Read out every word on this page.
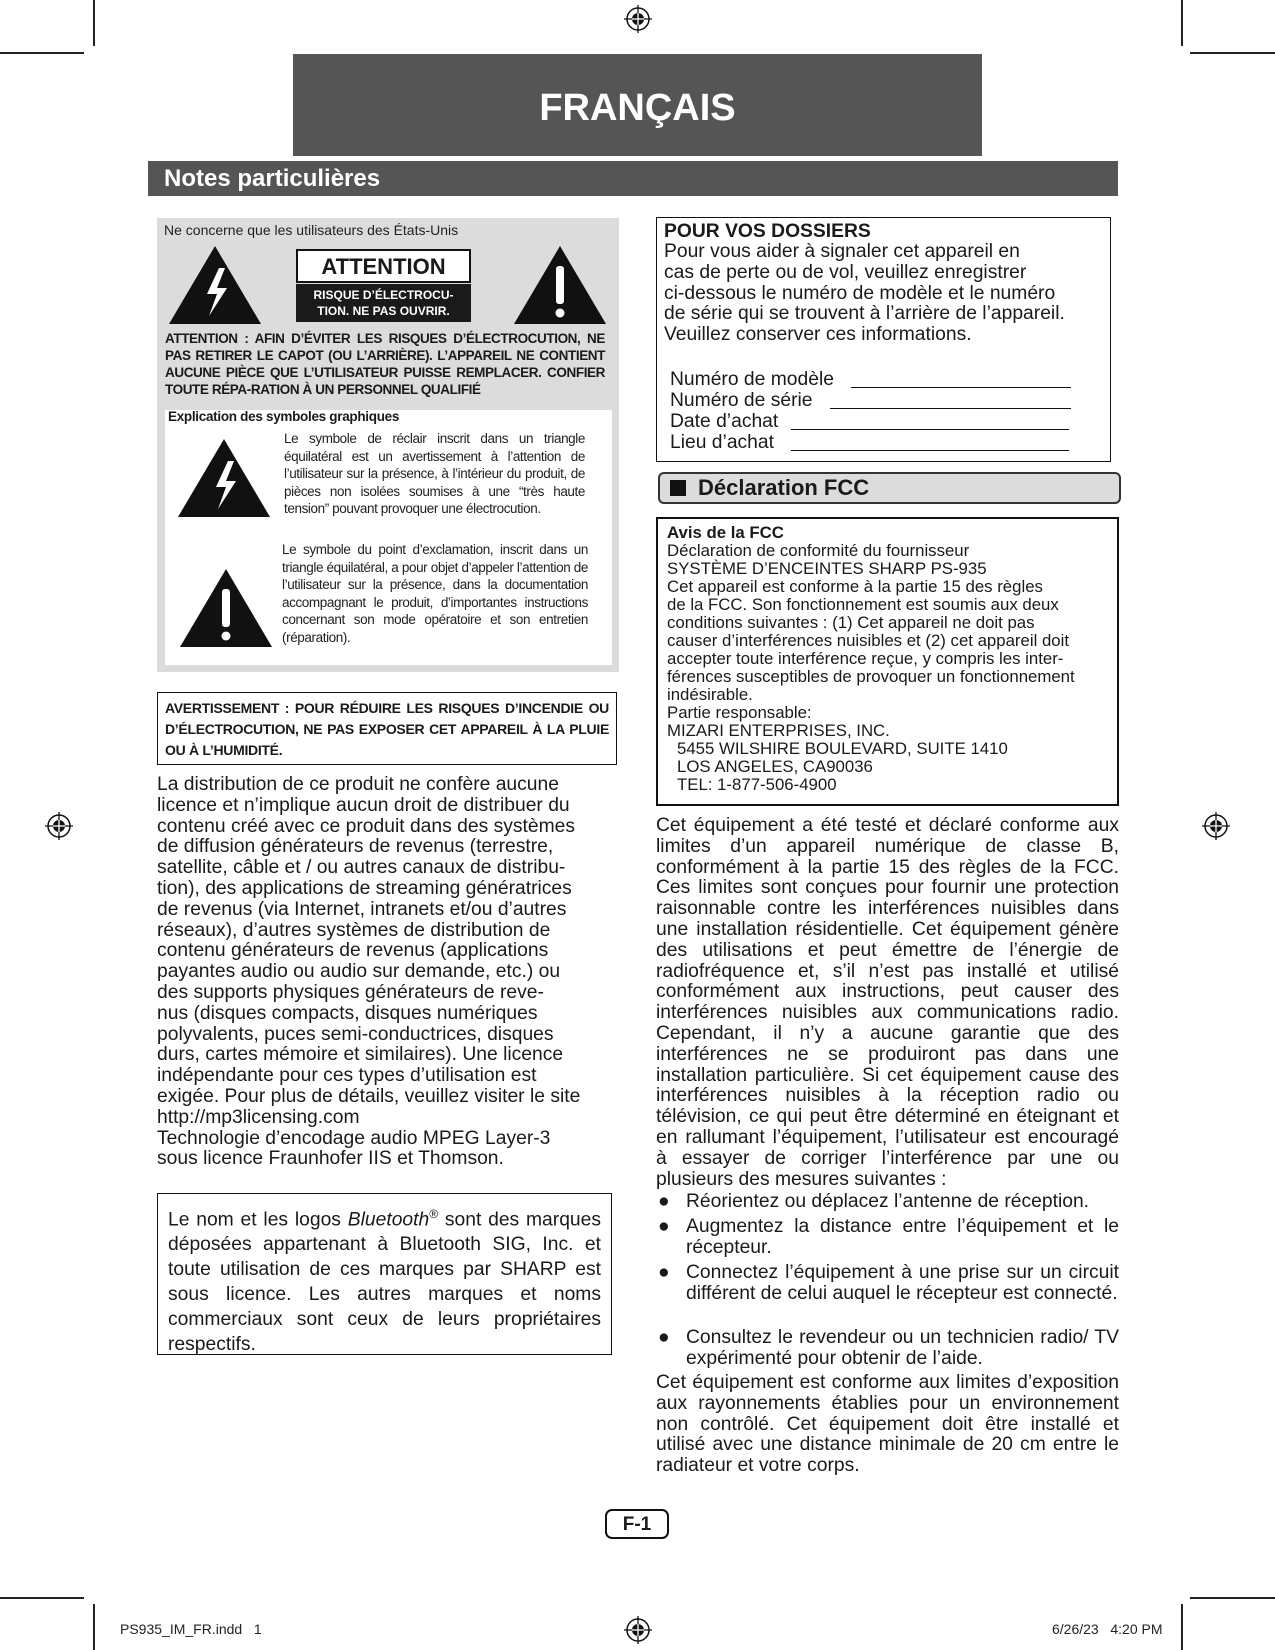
FRANÇAIS
Notes particulières
Ne concerne que les utilisateurs des États-Unis
ATTENTION
RISQUE D’ÉLECTROCU-
TION. NE PAS OUVRIR.
ATTENTION : AFIN D’ÉVITER LES RISQUES D’ÉLECTROCUTION, NE PAS RETIRER LE CAPOT (OU L’ARRIÈRE). L’APPAREIL NE CONTIENT AUCUNE PIÈCE QUE L’UTILISATEUR PUISSE REMPLACER. CONFIER TOUTE RÉPA-RATION À UN PERSONNEL QUALIFIÉ
Explication des symboles graphiques
Le symbole de réclair inscrit dans un triangle équilatéral est un avertissement à l’attention de l’utilisateur sur la présence, à l’intérieur du produit, de pièces non isolées soumises à une “très haute tension” pouvant provoquer une électrocution.
Le symbole du point d’exclamation, inscrit dans un triangle équilatéral, a pour objet d’appeler l’attention de l’utilisateur sur la présence, dans la documentation accompagnant le produit, d’importantes instructions concernant son mode opératoire et son entretien (réparation).
AVERTISSEMENT : POUR RÉDUIRE LES RISQUES D’INCENDIE OU D’ÉLECTROCUTION, NE PAS EXPOSER CET APPAREIL À LA PLUIE OU À L’HUMIDITÉ.
La distribution de ce produit ne confère aucune
licence et n’implique aucun droit de distribuer du
contenu créé avec ce produit dans des systèmes
de diffusion générateurs de revenus (terrestre,
satellite, câble et / ou autres canaux de distribu-
tion), des applications de streaming génératrices
de revenus (via Internet, intranets et/ou d’autres
réseaux), d’autres systèmes de distribution de
contenu générateurs de revenus (applications
payantes audio ou audio sur demande, etc.) ou
des supports physiques générateurs de reve-
nus (disques compacts, disques numériques
polyvalents, puces semi-conductrices, disques
durs, cartes mémoire et similaires). Une licence
indépendante pour ces types d’utilisation est
exigée. Pour plus de détails, veuillez visiter le site
http://mp3licensing.com
Technologie d’encodage audio MPEG Layer-3
sous licence Fraunhofer IIS et Thomson.
Le nom et les logos Bluetooth® sont des marques déposées appartenant à Bluetooth SIG, Inc. et toute utilisation de ces marques par SHARP est sous licence. Les autres marques et noms commerciaux sont ceux de leurs propriétaires respectifs.
POUR VOS DOSSIERS
Pour vous aider à signaler cet appareil en
cas de perte ou de vol, veuillez enregistrer
ci-dessous le numéro de modèle et le numéro
de série qui se trouvent à l’arrière de l’appareil.
Veuillez conserver ces informations.
Numéro de modèle
Numéro de série
Date d’achat
Lieu d’achat
Déclaration FCC
Avis de la FCC
Déclaration de conformité du fournisseur
SYSTÈME D’ENCEINTES SHARP PS-935
Cet appareil est conforme à la partie 15 des règles
de la FCC. Son fonctionnement est soumis aux deux
conditions suivantes : (1) Cet appareil ne doit pas
causer d’interférences nuisibles et (2) cet appareil doit
accepter toute interférence reçue, y compris les inter-
férences susceptibles de provoquer un fonctionnement
indésirable.
Partie responsable:
MIZARI ENTERPRISES, INC.
5455 WILSHIRE BOULEVARD, SUITE 1410
LOS ANGELES, CA90036
TEL: 1-877-506-4900
Cet équipement a été testé et déclaré conforme aux limites d’un appareil numérique de classe B, conformément à la partie 15 des règles de la FCC. Ces limites sont conçues pour fournir une protection raisonnable contre les interférences nuisibles dans une installation résidentielle. Cet équipement génère des utilisations et peut émettre de l’énergie de radiofréquence et, s’il n’est pas installé et utilisé conformément aux instructions, peut causer des interférences nuisibles aux communications radio. Cependant, il n’y a aucune garantie que des interférences ne se produiront pas dans une installation particulière. Si cet équipement cause des interférences nuisibles à la réception radio ou télévision, ce qui peut être déterminé en éteignant et en rallumant l’équipement, l’utilisateur est encouragé à essayer de corriger l’interférence par une ou plusieurs des mesures suivantes :
● Réorientez ou déplacez l’antenne de réception.
● Augmentez la distance entre l’équipement et le récepteur.
● Connectez l’équipement à une prise sur un circuit différent de celui auquel le récepteur est connecté.
● Consultez le revendeur ou un technicien radio/ TV expérimenté pour obtenir de l’aide.
Cet équipement est conforme aux limites d’exposition aux rayonnements établies pour un environnement non contrôlé. Cet équipement doit être installé et utilisé avec une distance minimale de 20 cm entre le radiateur et votre corps.
F-1
PS935_IM_FR.indd   1	6/26/23   4:20 PM
